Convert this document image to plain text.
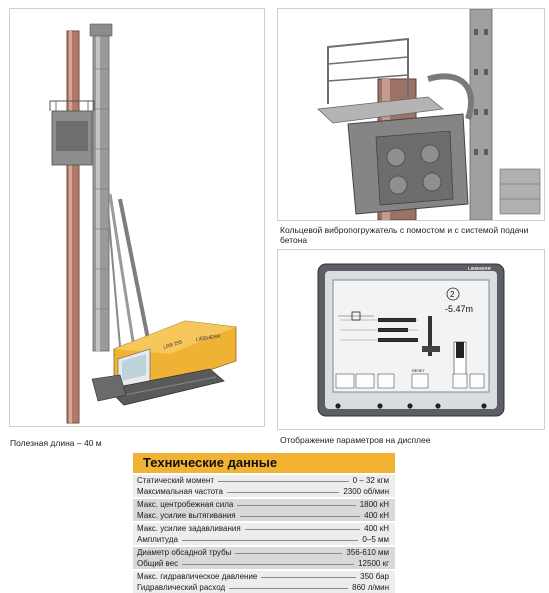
LRB 255
LIEBHERR
Полезная длина – 40 м
Кольцевой вибропогружатель с помостом и с системой подачи бетона
LIEBHERR
-5.47m
2
RESET
Отображение параметров на дисплее
Технические данные
Статический момент	0 – 32 кгм
Максимальная частота	2300 об/мин
Макс. центробежная сила	1800 кН
Макс. усилие вытягивания	400 кН
Макс. усилие задавливания	400 кН
Амплитуда	0–5 мм
Диаметр обсадной трубы	356-610 мм
Общий вес	12500 кг
Макс. гидравлическое давление	350 бар
Гидравлический расход	860 л/мин
